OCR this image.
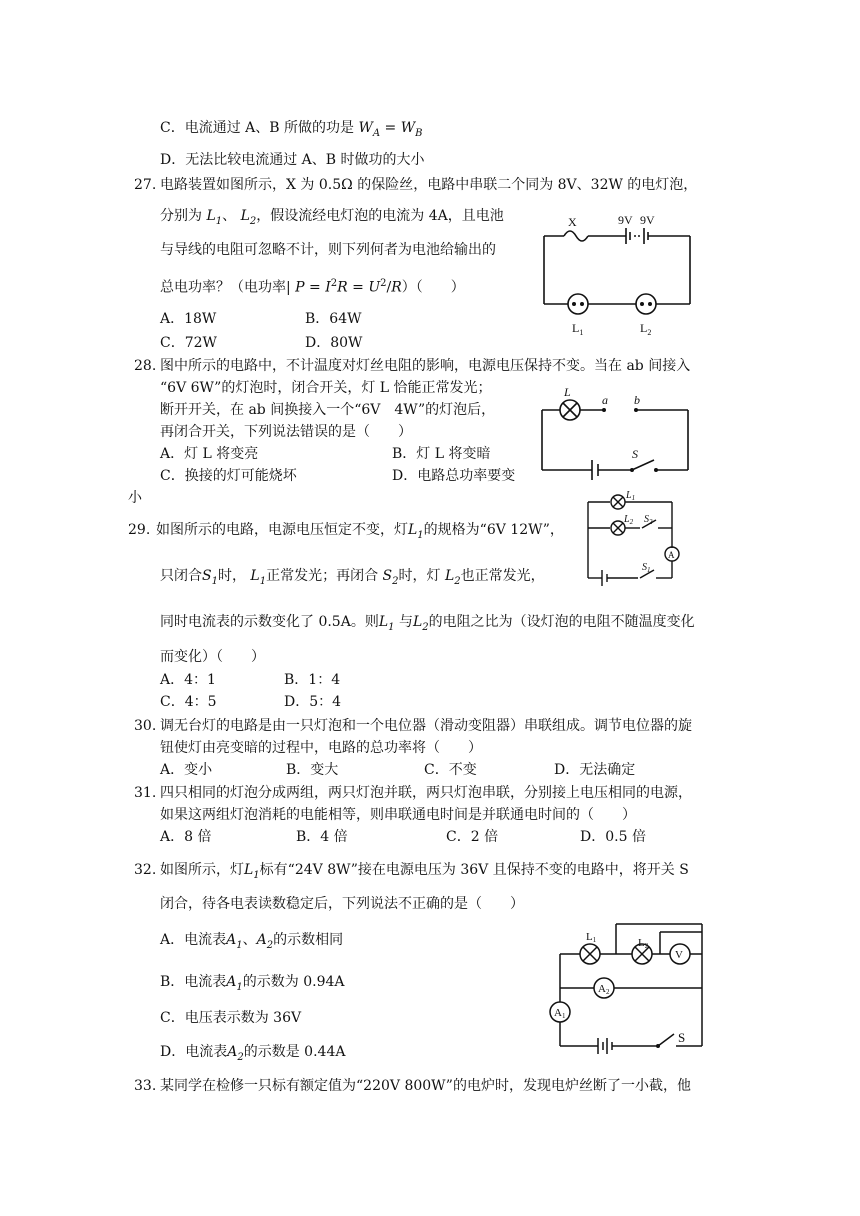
C．电流通过 A、B 所做的功是 $W_A = W_B$
D．无法比较电流通过 A、B 时做功的大小
27. 电路装置如图所示，X 为 0.5Ω 的保险丝，电路中串联二个同为 8V、32W 的电灯泡，
分别为 $L_1$、 $L_2$，假设流经电灯泡的电流为 4A，且电池
与导线的电阻可忽略不计，则下列何者为电池给输出的
总电功率？（电功率| $P = I^2R = U^2/R$）（　　）
A．18W	B．64W
C．72W	D．80W
X	9V 9V
$L_1$	$L_2$
28. 图中所示的电路中，不计温度对灯丝电阻的影响，电源电压保持不变。当在 ab 间接入
“6V 6W”的灯泡时，闭合开关，灯 L 恰能正常发光；
断开开关，在 ab 间换接入一个“6V　4W”的灯泡后，
再闭合开关，下列说法错误的是（　　）
A．灯 L 将变亮	B．灯 L 将变暗
C．换接的灯可能烧坏	D．电路总功率要变
小
L
a b
S
29. 如图所示的电路，电源电压恒定不变，灯$L_1$的规格为“6V 12W”，
只闭合$S_1$时， $L_1$正常发光；再闭合 $S_2$时，灯 $L_2$也正常发光，
同时电流表的示数变化了 0.5A。则$L_1$ 与$L_2$的电阻之比为（设灯泡的电阻不随温度变化
而变化）（　　）
A．4：1	B．1：4
C．4：5	D．5：4
$L_1$
$L_2$ $S_2$
A
$S_1$
30. 调无台灯的电路是由一只灯泡和一个电位器（滑动变阻器）串联组成。调节电位器的旋
钮使灯由亮变暗的过程中，电路的总功率将（　　）
A．变小	B．变大	C．不变	D．无法确定
31. 四只相同的灯泡分成两组，两只灯泡并联，两只灯泡串联，分别接上电压相同的电源，
如果这两组灯泡消耗的电能相等，则串联通电时间是并联通电时间的（　　）
A．8 倍	B．4 倍	C．2 倍	D．0.5 倍
32. 如图所示，灯$L_1$标有“24V 8W”接在电源电压为 36V 且保持不变的电路中，将开关 S
闭合，待各电表读数稳定后，下列说法不正确的是（　　）
A．电流表$A_1$、$A_2$的示数相同
B．电流表$A_1$的示数为 0.94A
C．电压表示数为 36V
D．电流表$A_2$的示数是 0.44A
L1	L2
V
A2
A1
S
33. 某同学在检修一只标有额定值为“220V 800W”的电炉时，发现电炉丝断了一小截，他
